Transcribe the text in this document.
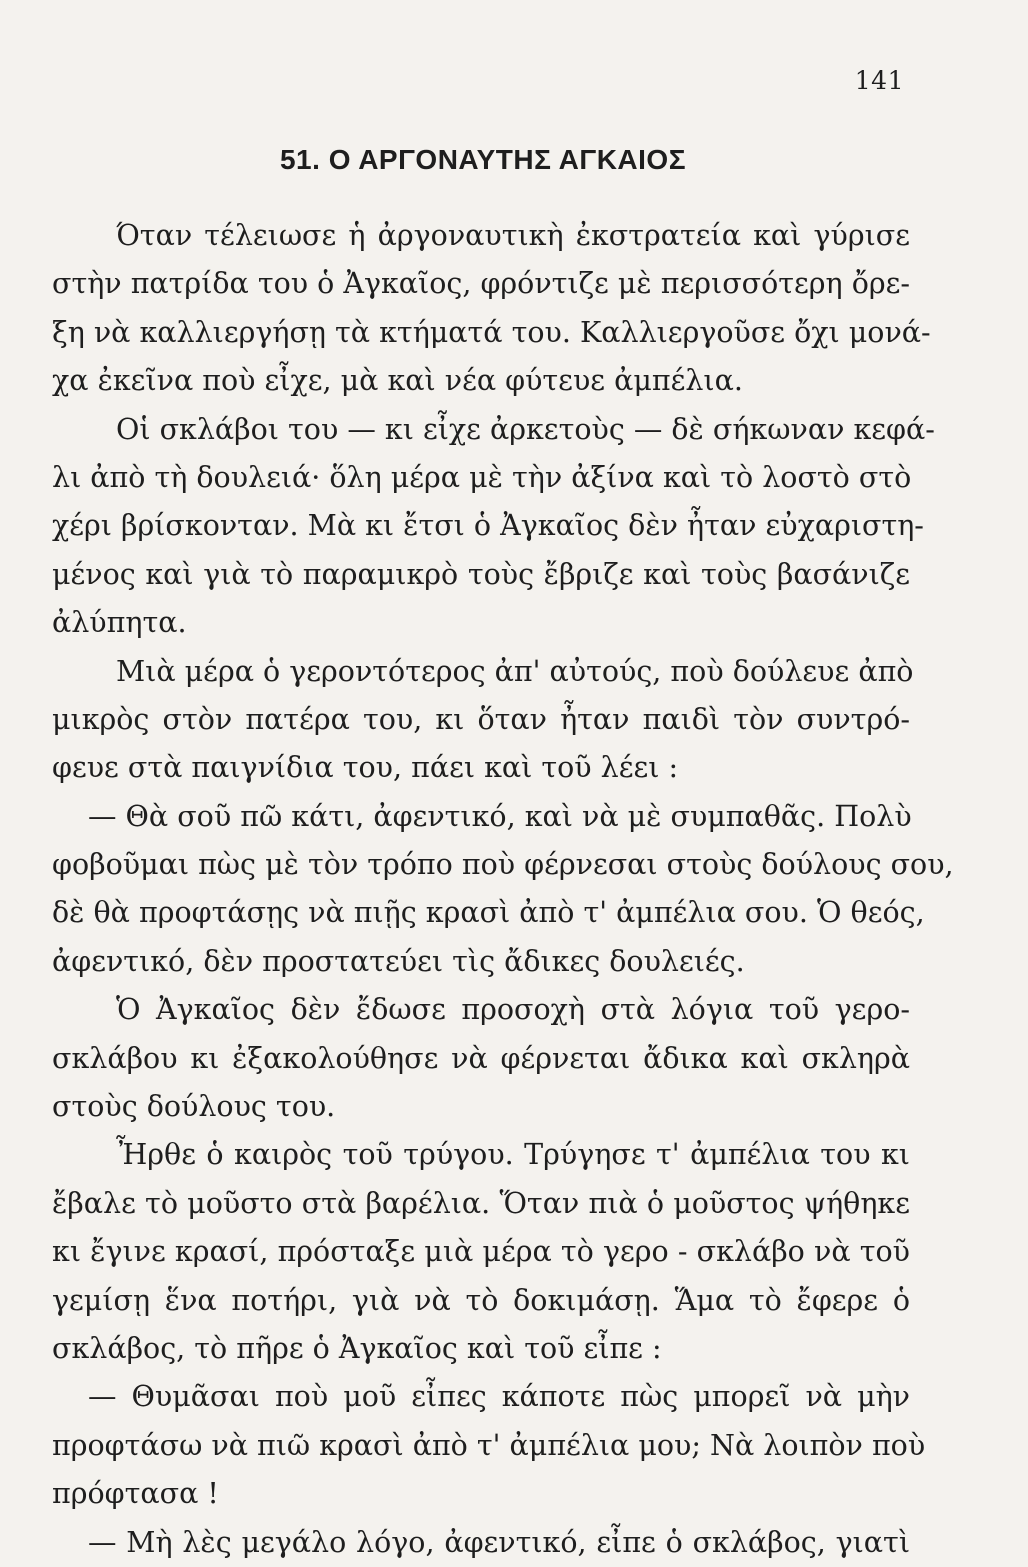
141
51. Ο ΑΡΓΟΝΑΥΤΗΣ ΑΓΚΑΙΟΣ
Όταν τέλειωσε ἡ ἀργοναυτικὴ ἐκστρατεία καὶ γύρισε
στὴν πατρίδα του ὁ Ἀγκαῖος, φρόντιζε μὲ περισσότερη ὄρε-
ξη νὰ καλλιεργήσῃ τὰ κτήματά του. Καλλιεργοῦσε ὄχι μονά-
χα ἐκεῖνα ποὺ εἶχε, μὰ καὶ νέα φύτευε ἀμπέλια.
Οἱ σκλάβοι του — κι εἶχε ἀρκετοὺς — δὲ σήκωναν κεφά-
λι ἀπὸ τὴ δουλειά· ὅλη μέρα μὲ τὴν ἀξίνα καὶ τὸ λοστὸ στὸ
χέρι βρίσκονταν. Μὰ κι ἔτσι ὁ Ἀγκαῖος δὲν ἦταν εὐχαριστη-
μένος καὶ γιὰ τὸ παραμικρὸ τοὺς ἔβριζε καὶ τοὺς βασάνιζε
ἀλύπητα.
Μιὰ μέρα ὁ γεροντότερος ἀπ' αὐτούς, ποὺ δούλευε ἀπὸ
μικρὸς στὸν πατέρα του, κι ὅταν ἦταν παιδὶ τὸν συντρό-
φευε στὰ παιγνίδια του, πάει καὶ τοῦ λέει :
— Θὰ σοῦ πῶ κάτι, ἀφεντικό, καὶ νὰ μὲ συμπαθᾶς. Πολὺ
φοβοῦμαι πὼς μὲ τὸν τρόπο ποὺ φέρνεσαι στοὺς δούλους σου,
δὲ θὰ προφτάσῃς νὰ πιῇς κρασὶ ἀπὸ τ' ἀμπέλια σου. Ὁ θεός,
ἀφεντικό, δὲν προστατεύει τὶς ἄδικες δουλειές.
Ὁ Ἀγκαῖος δὲν ἔδωσε προσοχὴ στὰ λόγια τοῦ γερο-
σκλάβου κι ἐξακολούθησε νὰ φέρνεται ἄδικα καὶ σκληρὰ
στοὺς δούλους του.
Ἦρθε ὁ καιρὸς τοῦ τρύγου. Τρύγησε τ' ἀμπέλια του κι
ἔβαλε τὸ μοῦστο στὰ βαρέλια. Ὅταν πιὰ ὁ μοῦστος ψήθηκε
κι ἔγινε κρασί, πρόσταξε μιὰ μέρα τὸ γερο - σκλάβο νὰ τοῦ
γεμίσῃ ἕνα ποτήρι, γιὰ νὰ τὸ δοκιμάσῃ. Ἅμα τὸ ἔφερε ὁ
σκλάβος, τὸ πῆρε ὁ Ἀγκαῖος καὶ τοῦ εἶπε :
— Θυμᾶσαι ποὺ μοῦ εἶπες κάποτε πὼς μπορεῖ νὰ μὴν
προφτάσω νὰ πιῶ κρασὶ ἀπὸ τ' ἀμπέλια μου; Νὰ λοιπὸν ποὺ
πρόφτασα !
— Μὴ λὲς μεγάλο λόγο, ἀφεντικό, εἶπε ὁ σκλάβος, γιατὶ
